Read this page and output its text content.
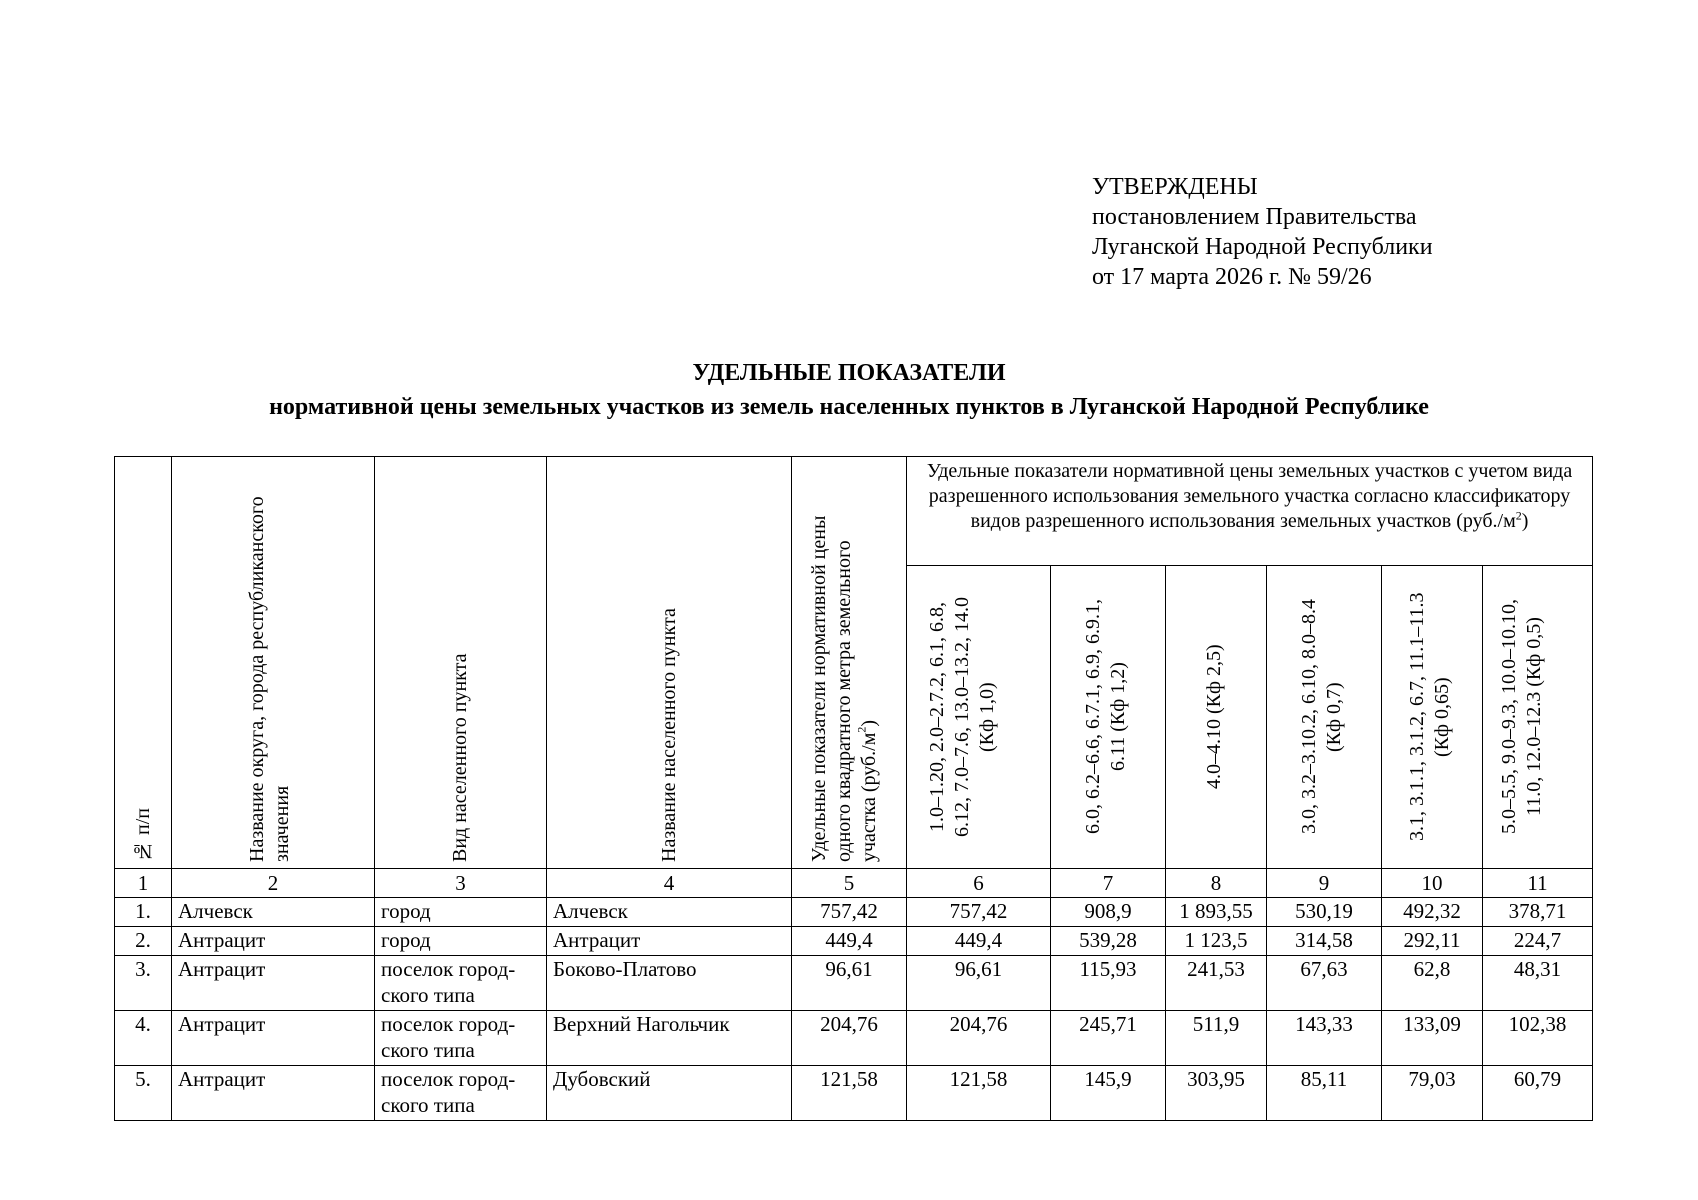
УТВЕРЖДЕНЫ
постановлением Правительства
Луганской Народной Республики
от 17 марта 2026 г. № 59/26
УДЕЛЬНЫЕ ПОКАЗАТЕЛИ
нормативной цены земельных участков из земель населенных пунктов в Луганской Народной Республике
№ п/п	Название округа, города республиканского значения	Вид населенного пункта	Название населенного пункта	Удельные показатели нормативной цены одного квадратного метра земельного участка $(руб./м^2)$	Удельные показатели нормативной цены земельных участков с учетом вида разрешенного использования земельного участка согласно классификатору видов разрешенного использования земельных участков $(руб./м^2)$					

					1.0–1.20, 2.0–2.7.2, 6.1, 6.8, 6.12, 7.0–7.6, 13.0–13.2, 14.0 (Кф 1,0)	6.0, 6.2–6.6, 6.7.1, 6.9, 6.9.1, 6.11 (Кф 1,2)	4.0–4.10 (Кф 2,5)	3.0, 3.2–3.10.2, 6.10, 8.0–8.4 (Кф 0,7)	3.1, 3.1.1, 3.1.2, 6.7, 11.1–11.3 (Кф 0,65)	5.0–5.5, 9.0–9.3, 10.0–10.10, 11.0, 12.0–12.3 (Кф 0,5)

1	2	3	4	5	6	7	8	9	10	11
1.	Алчевск	город	Алчевск	757,42	757,42	908,9	1 893,55	530,19	492,32	378,71
2.	Антрацит	город	Антрацит	449,4	449,4	539,28	1 123,5	314,58	292,11	224,7
3.	Антрацит	поселок город-ского типа	Боково-Платово	96,61	96,61	115,93	241,53	67,63	62,8	48,31
4.	Антрацит	поселок город-ского типа	Верхний Нагольчик	204,76	204,76	245,71	511,9	143,33	133,09	102,38
5.	Антрацит	поселок город-ского типа	Дубовский	121,58	121,58	145,9	303,95	85,11	79,03	60,79
